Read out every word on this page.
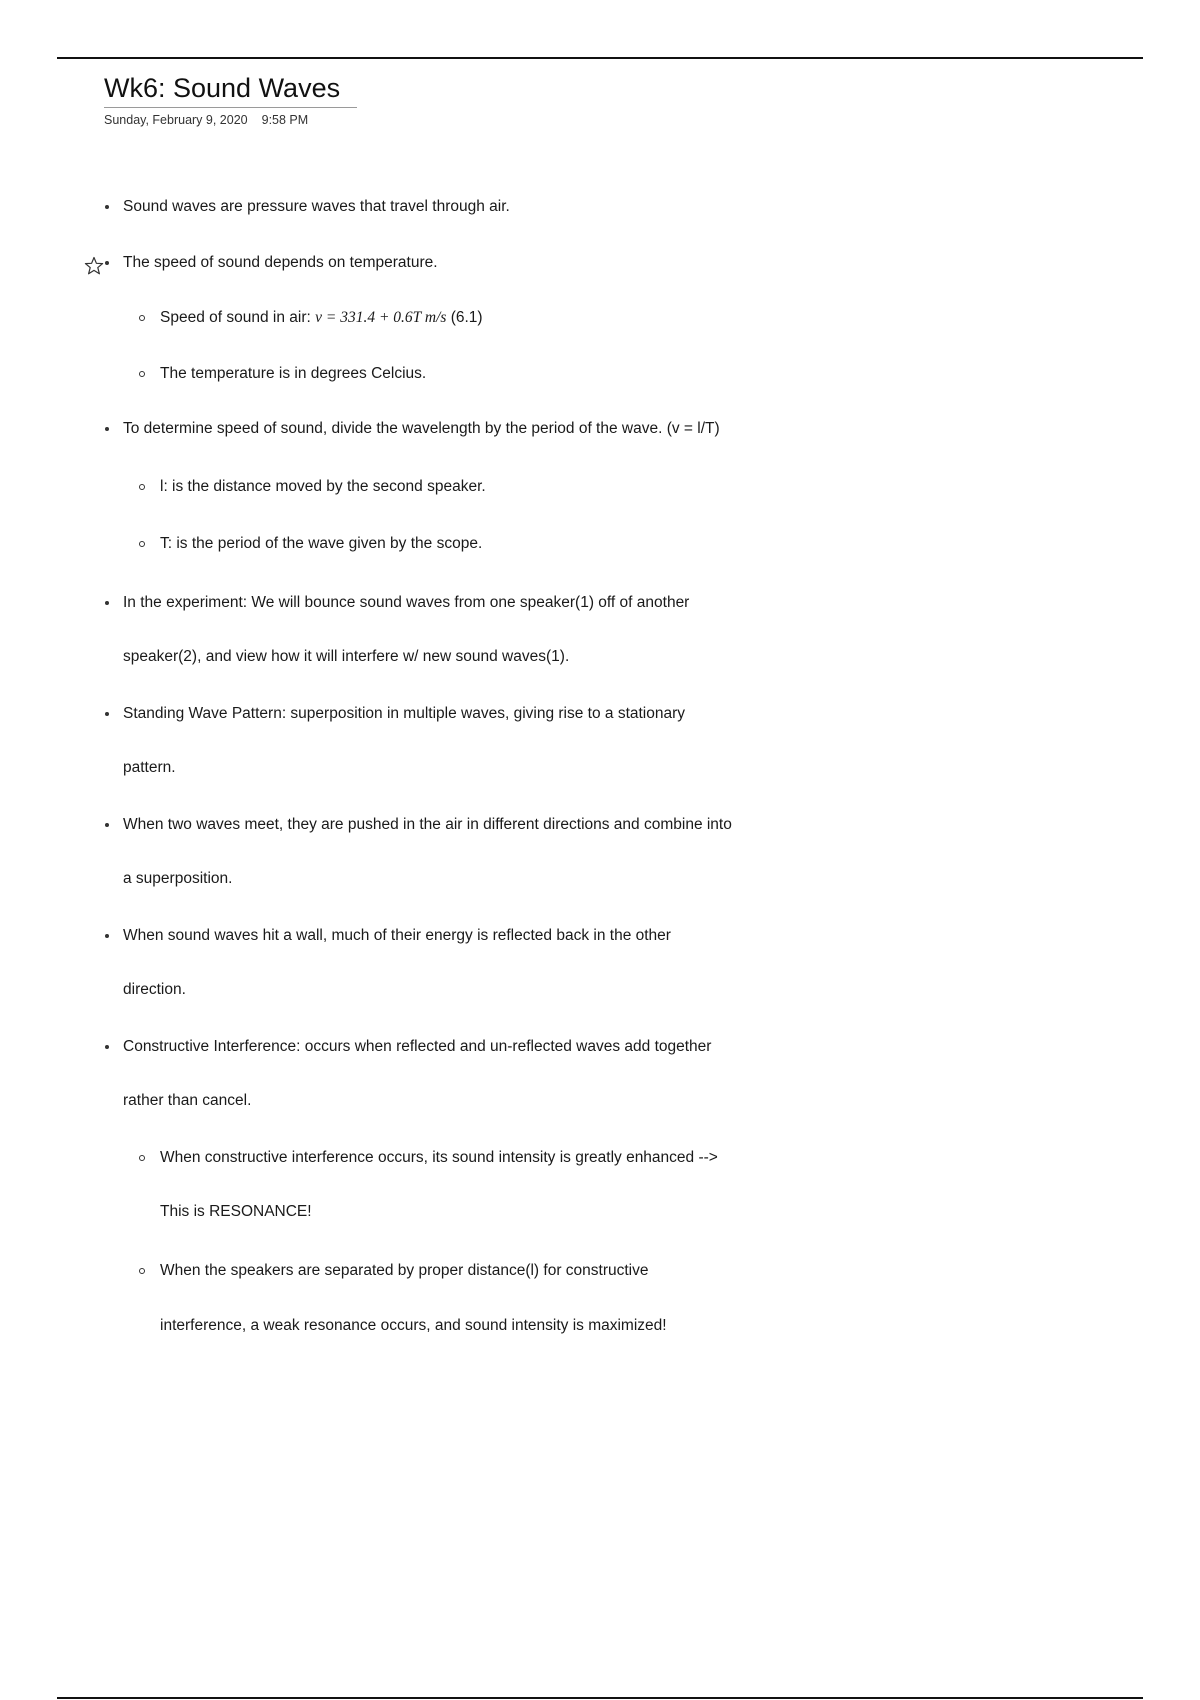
Wk6: Sound Waves
Sunday, February 9, 2020 9:58 PM
Sound waves are pressure waves that travel through air.
The speed of sound depends on temperature.
Speed of sound in air: v = 331.4 + 0.6T m/s (6.1)
The temperature is in degrees Celcius.
To determine speed of sound, divide the wavelength by the period of the wave. (v = l/T)
l: is the distance moved by the second speaker.
T: is the period of the wave given by the scope.
In the experiment: We will bounce sound waves from one speaker(1) off of another
speaker(2), and view how it will interfere w/ new sound waves(1).
Standing Wave Pattern: superposition in multiple waves, giving rise to a stationary
pattern.
When two waves meet, they are pushed in the air in different directions and combine into
a superposition.
When sound waves hit a wall, much of their energy is reflected back in the other
direction.
Constructive Interference: occurs when reflected and un-reflected waves add together
rather than cancel.
When constructive interference occurs, its sound intensity is greatly enhanced -->
This is RESONANCE!
When the speakers are separated by proper distance(l) for constructive
interference, a weak resonance occurs, and sound intensity is maximized!
